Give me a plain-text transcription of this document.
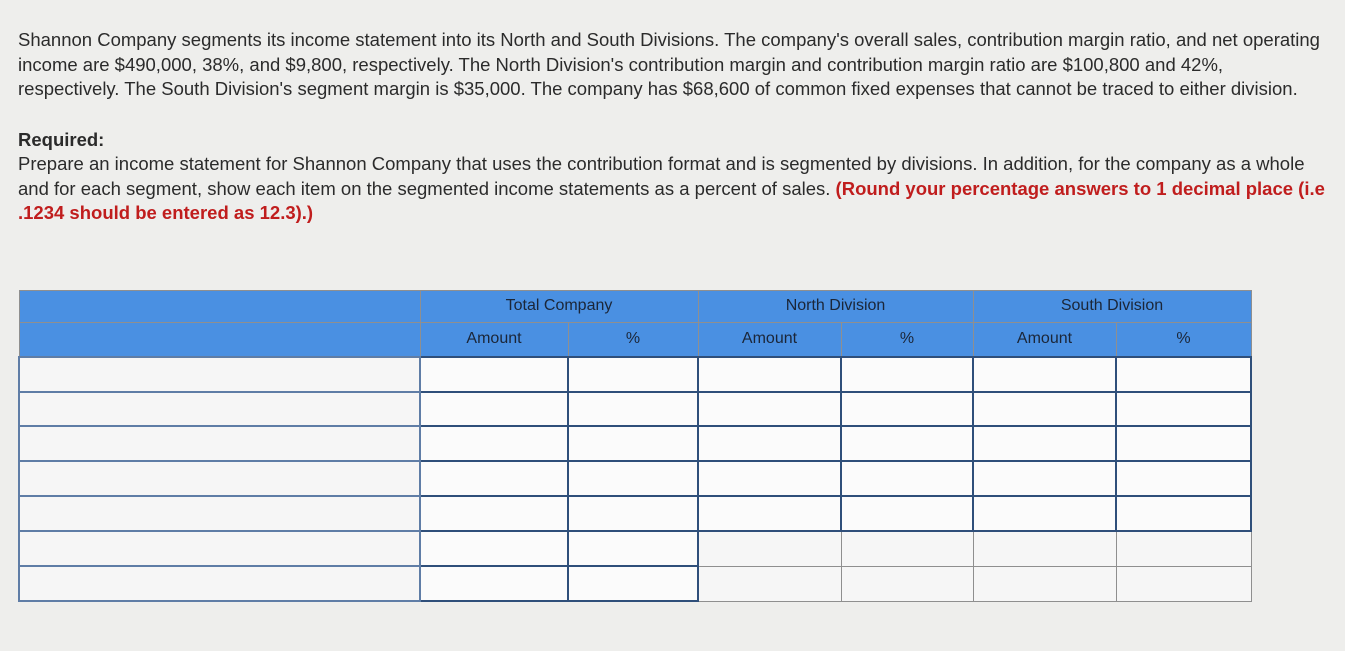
Shannon Company segments its income statement into its North and South Divisions. The company's overall sales, contribution margin ratio, and net operating income are $490,000, 38%, and $9,800, respectively. The North Division's contribution margin and contribution margin ratio are $100,800 and 42%, respectively. The South Division's segment margin is $35,000. The company has $68,600 of common fixed expenses that cannot be traced to either division.

Required:

Prepare an income statement for Shannon Company that uses the contribution format and is segmented by divisions. In addition, for the company as a whole and for each segment, show each item on the segmented income statements as a percent of sales. (Round your percentage answers to 1 decimal place (i.e .1234 should be entered as 12.3).)

	Total Company		North Division		South Division	
	Amount	%	Amount	%	Amount	%
